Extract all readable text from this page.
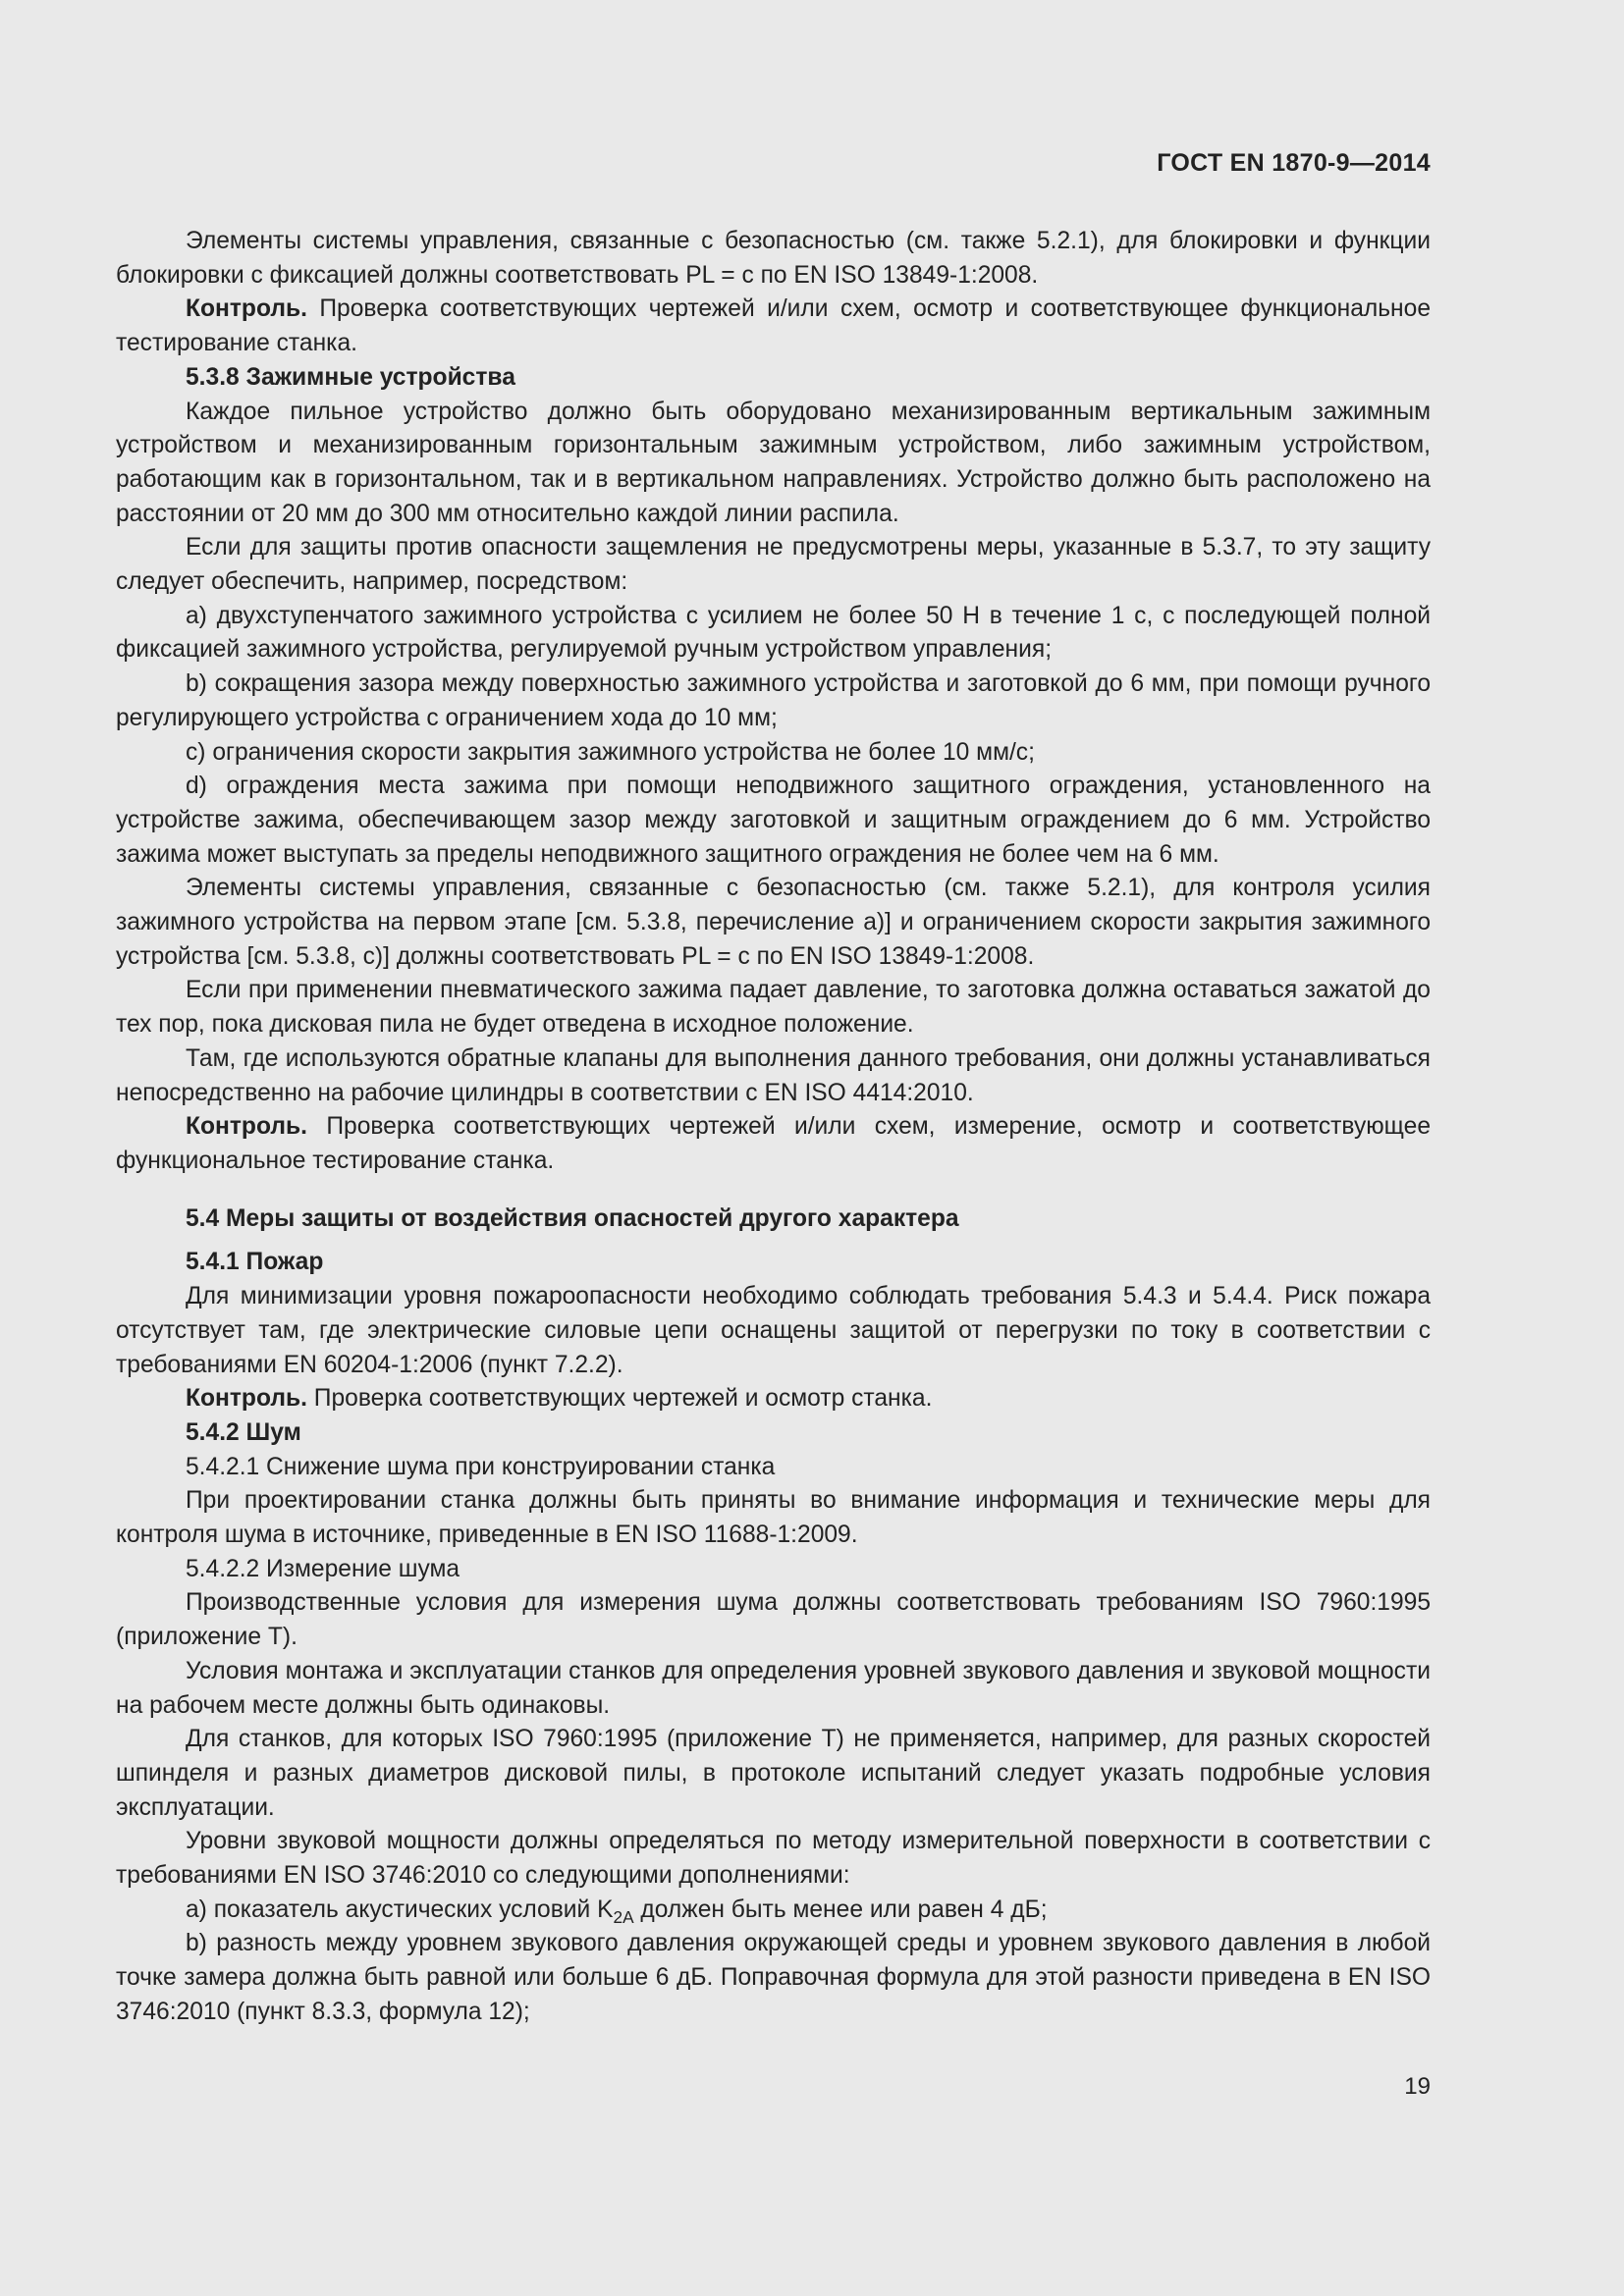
ГОСТ EN 1870-9—2014

Элементы системы управления, связанные с безопасностью (см. также 5.2.1), для блокировки и функции блокировки с фиксацией должны соответствовать PL = c по EN ISO 13849-1:2008.

Контроль. Проверка соответствующих чертежей и/или схем, осмотр и соответствующее функциональное тестирование станка.

5.3.8 Зажимные устройства

Каждое пильное устройство должно быть оборудовано механизированным вертикальным зажимным устройством и механизированным горизонтальным зажимным устройством, либо зажимным устройством, работающим как в горизонтальном, так и в вертикальном направлениях. Устройство должно быть расположено на расстоянии от 20 мм до 300 мм относительно каждой линии распила.

Если для защиты против опасности защемления не предусмотрены меры, указанные в 5.3.7, то эту защиту следует обеспечить, например, посредством:

a) двухступенчатого зажимного устройства с усилием не более 50 Н в течение 1 с, с последующей полной фиксацией зажимного устройства, регулируемой ручным устройством управления;

b) сокращения зазора между поверхностью зажимного устройства и заготовкой до 6 мм, при помощи ручного регулирующего устройства с ограничением хода до 10 мм;

c) ограничения скорости закрытия зажимного устройства не более 10 мм/с;

d) ограждения места зажима при помощи неподвижного защитного ограждения, установленного на устройстве зажима, обеспечивающем зазор между заготовкой и защитным ограждением до 6 мм. Устройство зажима может выступать за пределы неподвижного защитного ограждения не более чем на 6 мм.

Элементы системы управления, связанные с безопасностью (см. также 5.2.1), для контроля усилия зажимного устройства на первом этапе [см. 5.3.8, перечисление a)] и ограничением скорости закрытия зажимного устройства [см. 5.3.8, c)] должны соответствовать PL = c по EN ISO 13849-1:2008.

Если при применении пневматического зажима падает давление, то заготовка должна оставаться зажатой до тех пор, пока дисковая пила не будет отведена в исходное положение.

Там, где используются обратные клапаны для выполнения данного требования, они должны устанавливаться непосредственно на рабочие цилиндры в соответствии с EN ISO 4414:2010.

Контроль. Проверка соответствующих чертежей и/или схем, измерение, осмотр и соответствующее функциональное тестирование станка.

5.4 Меры защиты от воздействия опасностей другого характера

5.4.1 Пожар

Для минимизации уровня пожароопасности необходимо соблюдать требования 5.4.3 и 5.4.4. Риск пожара отсутствует там, где электрические силовые цепи оснащены защитой от перегрузки по току в соответствии с требованиями EN 60204-1:2006 (пункт 7.2.2).

Контроль. Проверка соответствующих чертежей и осмотр станка.

5.4.2 Шум

5.4.2.1 Снижение шума при конструировании станка

При проектировании станка должны быть приняты во внимание информация и технические меры для контроля шума в источнике, приведенные в EN ISO 11688-1:2009.

5.4.2.2 Измерение шума

Производственные условия для измерения шума должны соответствовать требованиям ISO 7960:1995 (приложение Т).

Условия монтажа и эксплуатации станков для определения уровней звукового давления и звуковой мощности на рабочем месте должны быть одинаковы.

Для станков, для которых ISO 7960:1995 (приложение Т) не применяется, например, для разных скоростей шпинделя и разных диаметров дисковой пилы, в протоколе испытаний следует указать подробные условия эксплуатации.

Уровни звуковой мощности должны определяться по методу измерительной поверхности в соответствии с требованиями EN ISO 3746:2010 со следующими дополнениями:

a) показатель акустических условий $K_{2A}$ должен быть менее или равен 4 дБ;

b) разность между уровнем звукового давления окружающей среды и уровнем звукового давления в любой точке замера должна быть равной или больше 6 дБ. Поправочная формула для этой разности приведена в EN ISO 3746:2010 (пункт 8.3.3, формула 12);

19
